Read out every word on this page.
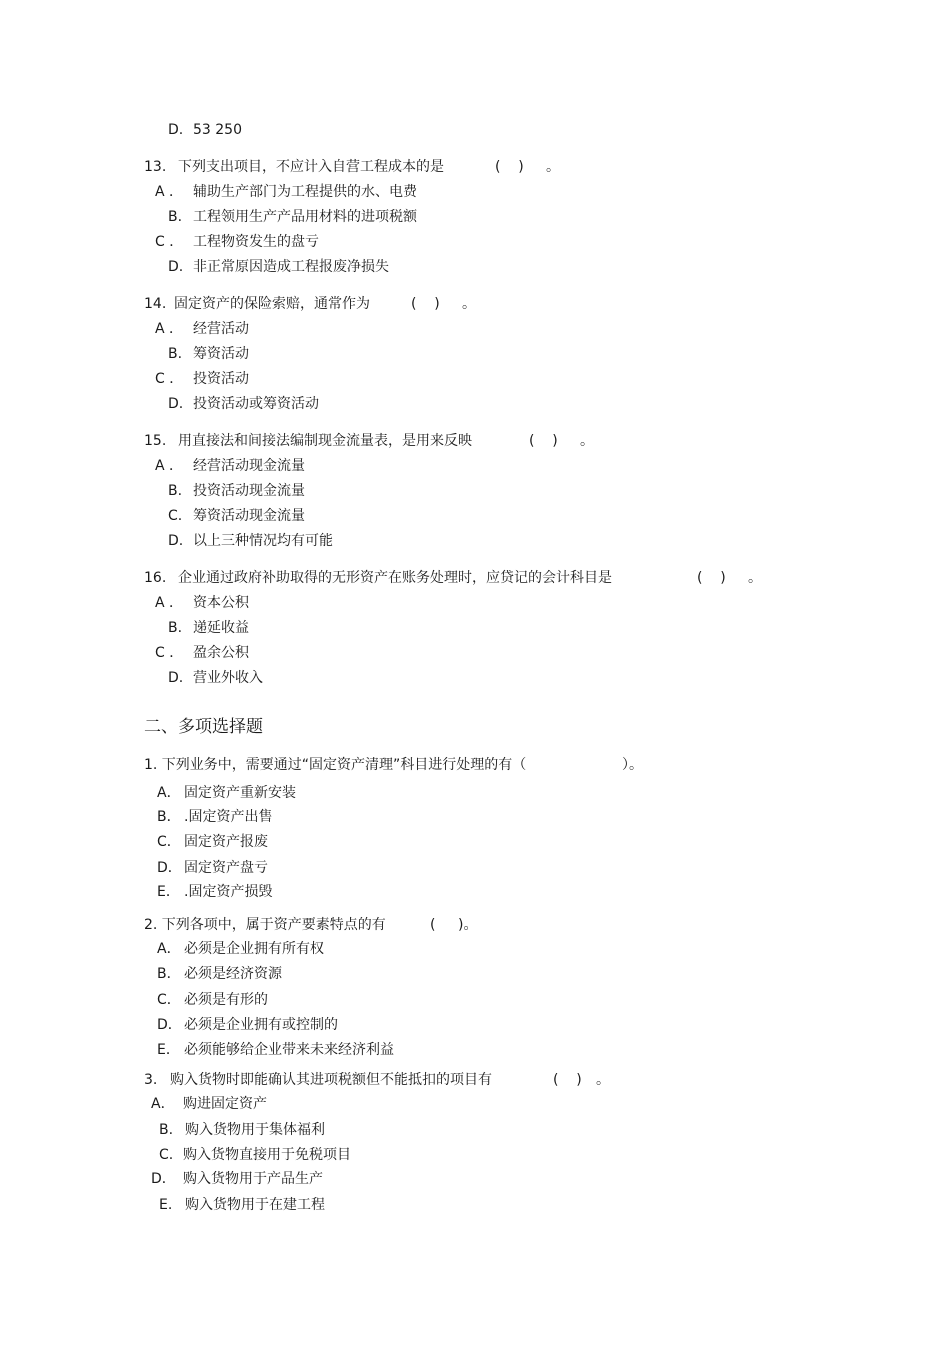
D. 53 250
13. 下列支出项目，不应计入自营工程成本的是	(    ) 。
A ． 辅助生产部门为工程提供的水、电费
B. 工程领用生产产品用材料的进项税额
C ． 工程物资发生的盘亏
D. 非正常原因造成工程报废净损失
14. 固定资产的保险索赔，通常作为	(    ) 。
A ． 经营活动
B. 筹资活动
C ． 投资活动
D. 投资活动或筹资活动
15. 用直接法和间接法编制现金流量表，是用来反映	(    ) 。
A ． 经营活动现金流量
B. 投资活动现金流量
C. 筹资活动现金流量
D. 以上三种情况均有可能
16. 企业通过政府补助取得的无形资产在账务处理时，应贷记的会计科目是	(    ) 。
A ． 资本公积
B. 递延收益
C ． 盈余公积
D. 营业外收入
二、多项选择题
1. 下列业务中，需要通过“固定资产清理”科目进行处理的有（	）。
A． 固定资产重新安装
B． .固定资产出售
C． 固定资产报废
D． 固定资产盘亏
E． .固定资产损毁
2. 下列各项中，属于资产要素特点的有	( )。
A． 必须是企业拥有所有权
B． 必须是经济资源
C． 必须是有形的
D． 必须是企业拥有或控制的
E． 必须能够给企业带来未来经济利益
3. 购入货物时即能确认其进项税额但不能抵扣的项目有	(    ) 。
A． 购进固定资产
B. 购入货物用于集体福利
C. 购入货物直接用于免税项目
D． 购入货物用于产品生产
E. 购入货物用于在建工程
